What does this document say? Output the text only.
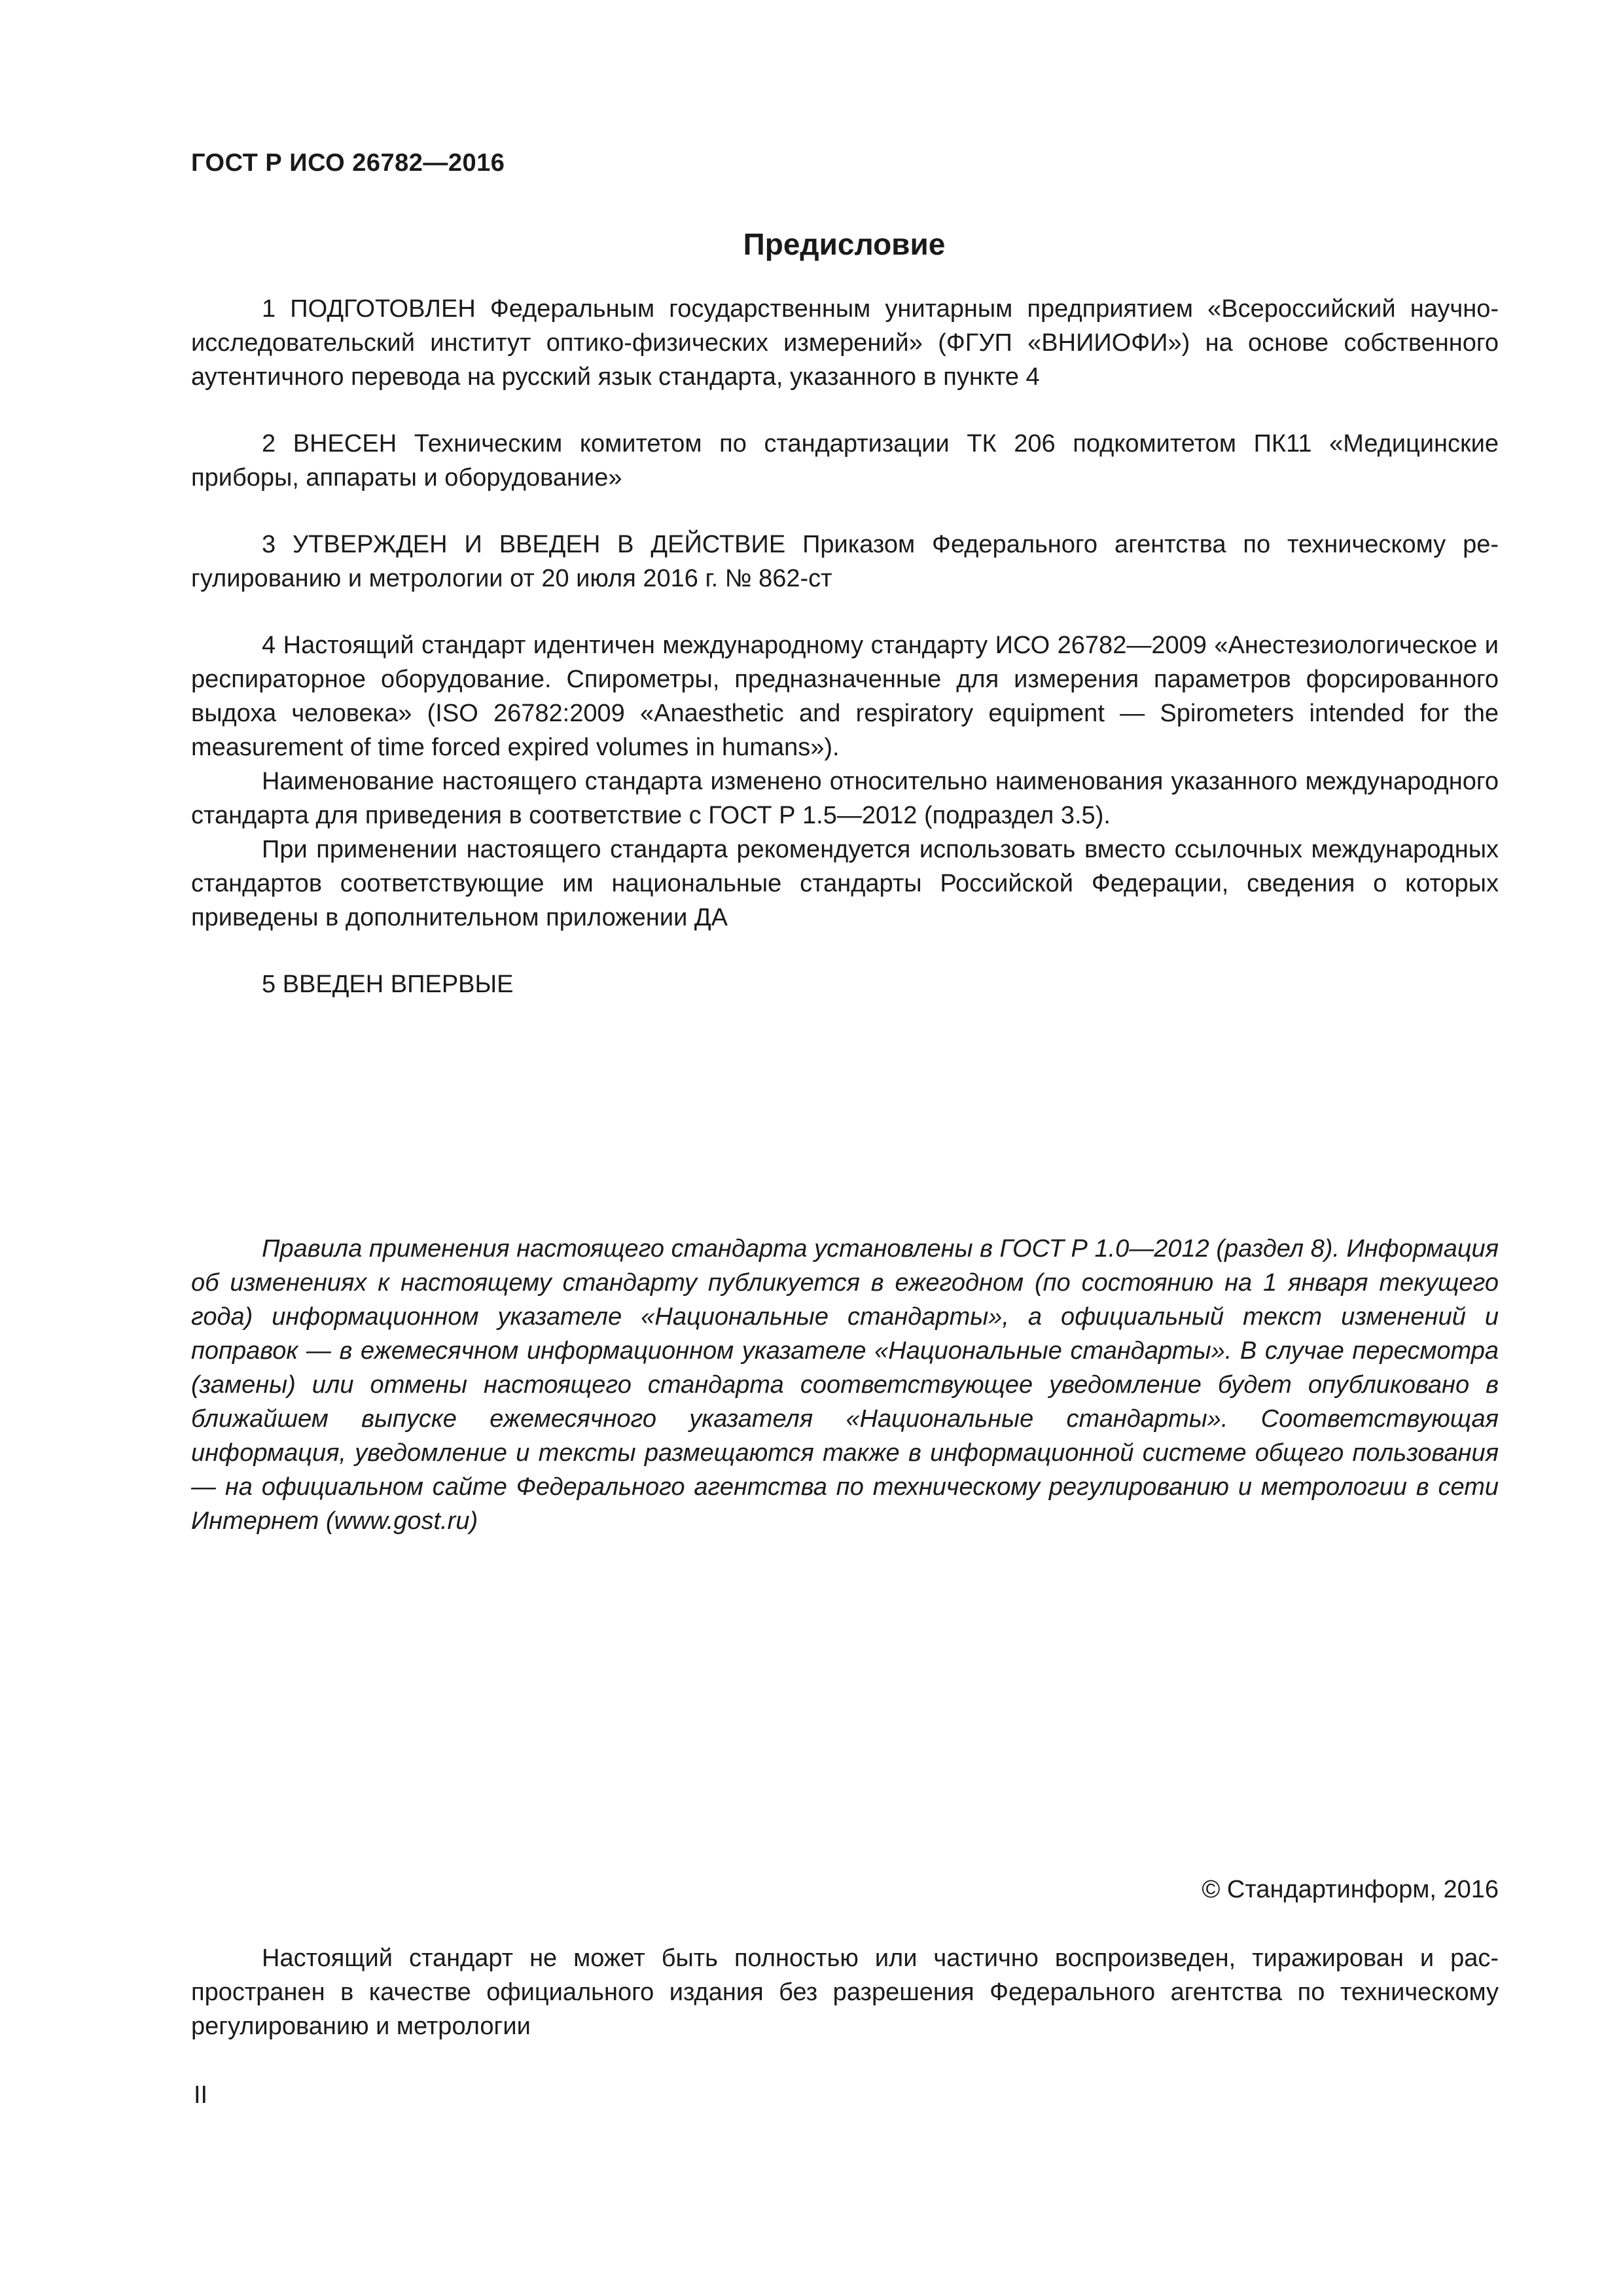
ГОСТ Р ИСО 26782—2016
Предисловие

1 ПОДГОТОВЛЕН Федеральным государственным унитарным предприятием «Всероссийский научно-исследовательский институт оптико-физических измерений» (ФГУП «ВНИИОФИ») на основе собственного аутентичного перевода на русский язык стандарта, указанного в пункте 4

2 ВНЕСЕН Техническим комитетом по стандартизации ТК 206 подкомитетом ПК11 «Медицинские приборы, аппараты и оборудование»

3 УТВЕРЖДЕН И ВВЕДЕН В ДЕЙСТВИЕ Приказом Федерального агентства по техническому регулированию и метрологии от 20 июля 2016 г. № 862-ст

4 Настоящий стандарт идентичен международному стандарту ИСО 26782—2009 «Анестезиологическое и респираторное оборудование. Спирометры, предназначенные для измерения параметров форсированного выдоха человека» (ISO 26782:2009 «Anaesthetic and respiratory equipment — Spirometers intended for the measurement of time forced expired volumes in humans»).

Наименование настоящего стандарта изменено относительно наименования указанного международного стандарта для приведения в соответствие с ГОСТ Р 1.5—2012 (подраздел 3.5).

При применении настоящего стандарта рекомендуется использовать вместо ссылочных международных стандартов соответствующие им национальные стандарты Российской Федерации, сведения о которых приведены в дополнительном приложении ДА

5 ВВЕДЕН ВПЕРВЫЕ

Правила применения настоящего стандарта установлены в ГОСТ Р 1.0—2012 (раздел 8). Информация об изменениях к настоящему стандарту публикуется в ежегодном (по состоянию на 1 января текущего года) информационном указателе «Национальные стандарты», а официальный текст изменений и поправок — в ежемесячном информационном указателе «Национальные стандарты». В случае пересмотра (замены) или отмены настоящего стандарта соответствующее уведомление будет опубликовано в ближайшем выпуске ежемесячного указателя «Национальные стандарты». Соответствующая информация, уведомление и тексты размещаются также в информационной системе общего пользования — на официальном сайте Федерального агентства по техническому регулированию и метрологии в сети Интернет (www.gost.ru)

© Стандартинформ, 2016

Настоящий стандарт не может быть полностью или частично воспроизведен, тиражирован и распространен в качестве официального издания без разрешения Федерального агентства по техническому регулированию и метрологии

II
